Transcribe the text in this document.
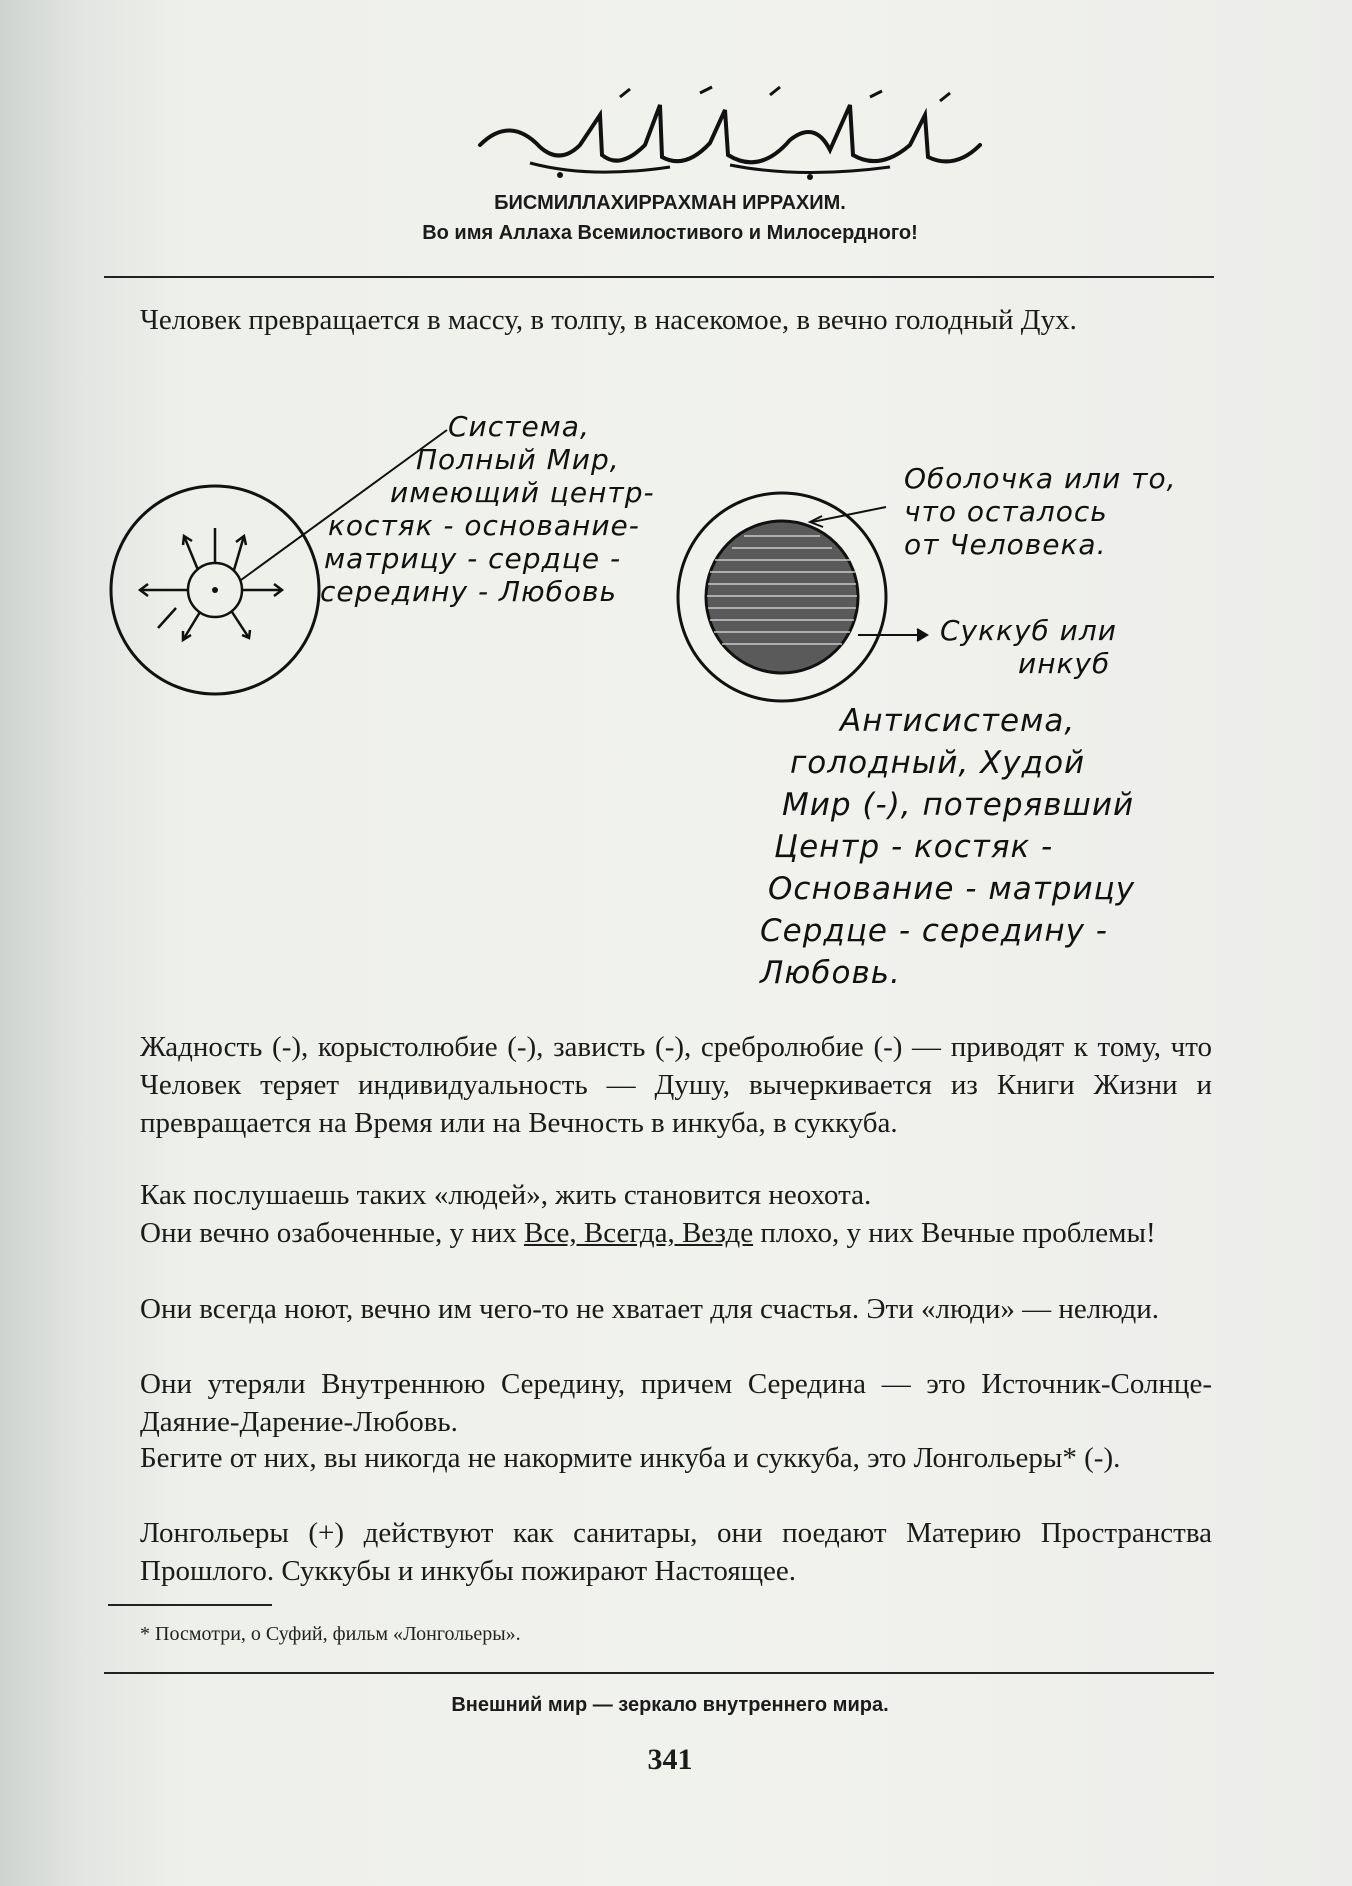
БИСМИЛЛАХИРРАХМАН ИРРАХИМ.
Во имя Аллаха Всемилостивого и Милосердного!
Человек превращается в массу, в толпу, в насекомое, в вечно голодный Дух.
Система,
Полный Мир,
имеющий центр-
костяк - основание-
матрицу - сердце -
середину - Любовь
Оболочка или то,
что осталось
от Человека.
Суккуб или
инкуб
Антисистема,
голодный, Худой
Мир (-), потерявший
Центр - костяк -
Основание - матрицу
Сердце - середину -
Любовь.
Жадность (-), корыстолюбие (-), зависть (-), сребролюбие (-) — приводят к тому, что Человек теряет индивидуальность — Душу, вычеркивается из Книги Жизни и превращается на Время или на Вечность в инкуба, в суккуба.
Как послушаешь таких «людей», жить становится неохота.
Они вечно озабоченные, у них Все, Всегда, Везде плохо, у них Вечные проблемы!
Они всегда ноют, вечно им чего-то не хватает для счастья. Эти «люди» — нелюди.
Они утеряли Внутреннюю Середину, причем Середина — это Источник-Солнце-Даяние-Дарение-Любовь.
Бегите от них, вы никогда не накормите инкуба и суккуба, это Лонгольеры* (-).
Лонгольеры (+) действуют как санитары, они поедают Материю Пространства Прошлого. Суккубы и инкубы пожирают Настоящее.
* Посмотри, о Суфий, фильм «Лонгольеры».
Внешний мир — зеркало внутреннего мира.
341
